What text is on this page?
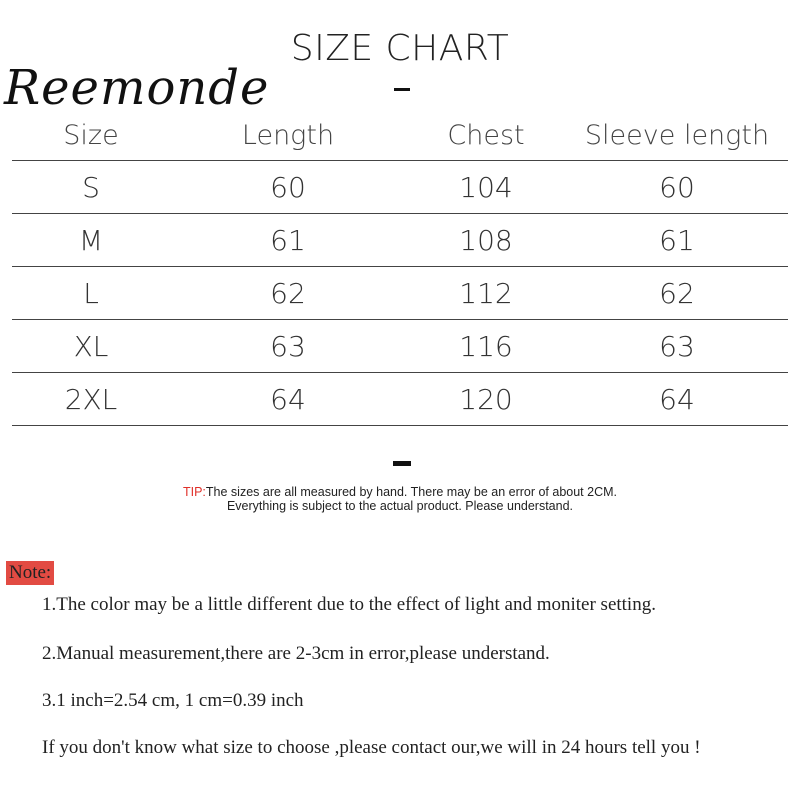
SIZE CHART
Reemonde
Size	Length	Chest	Sleeve length
S	60	104	60
M	61	108	61
L	62	112	62
XL	63	116	63
2XL	64	120	64
TIP:The sizes are all measured by hand. There may be an error of about 2CM.
Everything is subject to the actual product. Please understand.
Note:
1.The color may be a little different due to the effect of light and moniter setting.
2.Manual measurement,there are 2-3cm in error,please understand.
3.1 inch=2.54 cm, 1 cm=0.39 inch
If you don't know what size to choose ,please contact our,we will in 24 hours tell you !
